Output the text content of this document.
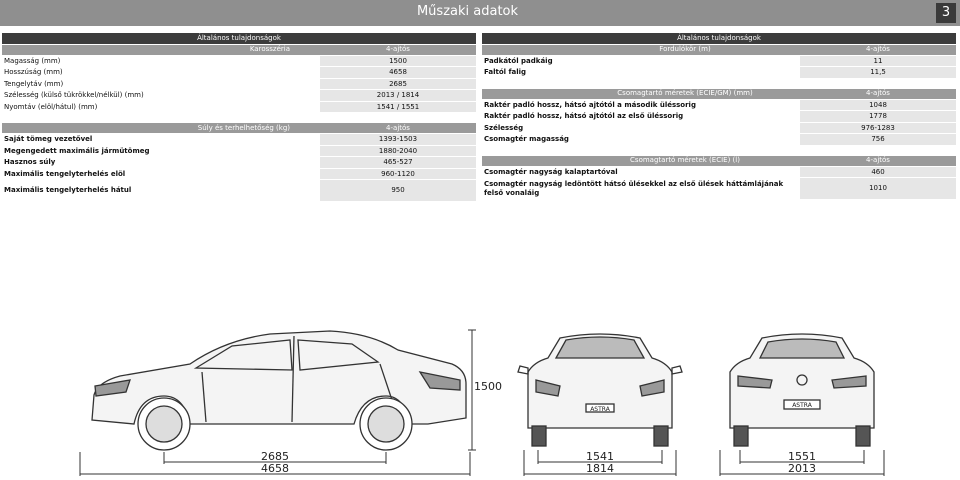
Műszaki adatok	3
Általános tulajdonságok	
Karosszéria	4-ajtós
Magasság (mm)	1500
Hosszúság (mm)	4658
Tengelytáv (mm)	2685
Szélesség (külső tükrökkel/nélkül) (mm)	2013 / 1814
Nyomtáv (elöl/hátul) (mm)	1541 / 1551

Súly és terhelhetőség (kg)	4-ajtós
Saját tömeg vezetővel	1393-1503
Megengedett maximális jármütömeg	1880-2040
Hasznos súly	465-527
Maximális tengelyterhelés elöl	960-1120
Maximális tengelyterhelés hátul	950
Általános tulajdonságok	
Fordulókör (m)	4-ajtós
Padkától padkáig	11
Faltól falig	11,5

Csomagtartó méretek (ECIE/GM) (mm)	4-ajtós
Raktér padló hossz, hátsó ajtótól a második üléssorig	1048
Raktér padló hossz, hátsó ajtótól az első üléssorig	1778
Szélesség	976-1283
Csomagtér magasság	756

Csomagtartó méretek (ECIE) (l)	4-ajtós
Csomagtér nagyság kalaptartóval	460
Csomagtér nagyság ledöntött hátsó ülésekkel az első ülések háttámlájának felső vonaláig	1010
1500
2685
4658
ASTRA
1541
1814
ASTRA
1551
2013
